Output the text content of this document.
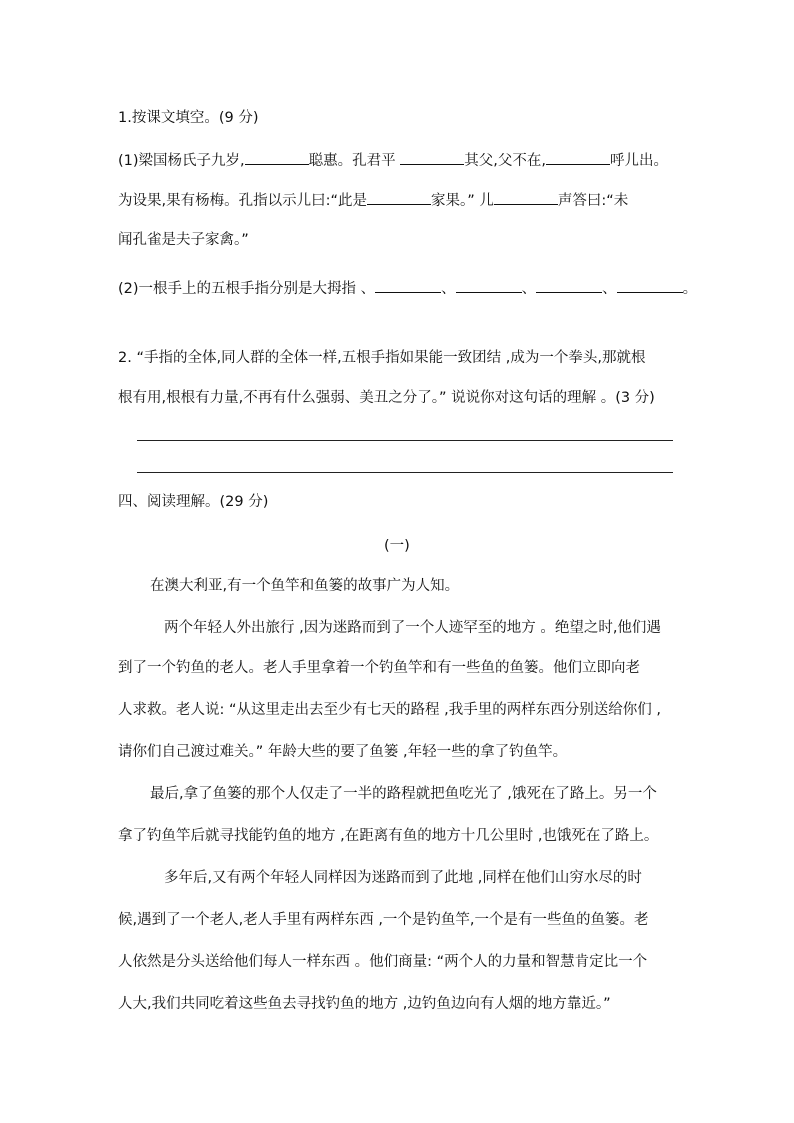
1.按课文填空。(9 分)
(1)梁国杨氏子九岁,	聪惠。孔君平	其父,父不在,	呼儿出。
为设果,果有杨梅。孔指以示儿曰:“此是	家果。” 儿	声答曰:“未
闻孔雀是夫子家禽。”
(2)一根手上的五根手指分别是大拇指 、	、	、	、	。
2. “手指的全体,同人群的全体一样,五根手指如果能一致团结 ,成为一个拳头,那就根
根有用,根根有力量,不再有什么强弱、美丑之分了。” 说说你对这句话的理解 。(3 分)
四、阅读理解。(29 分)
(一)
在澳大利亚,有一个鱼竿和鱼篓的故事广为人知。
两个年轻人外出旅行 ,因为迷路而到了一个人迹罕至的地方 。绝望之时,他们遇
到了一个钓鱼的老人。老人手里拿着一个钓鱼竿和有一些鱼的鱼篓。他们立即向老
人求救。老人说: “从这里走出去至少有七天的路程 ,我手里的两样东西分别送给你们 ,
请你们自己渡过难关。” 年龄大些的要了鱼篓 ,年轻一些的拿了钓鱼竿。
最后,拿了鱼篓的那个人仅走了一半的路程就把鱼吃光了 ,饿死在了路上。另一个
拿了钓鱼竿后就寻找能钓鱼的地方 ,在距离有鱼的地方十几公里时 ,也饿死在了路上。
多年后,又有两个年轻人同样因为迷路而到了此地 ,同样在他们山穷水尽的时
候,遇到了一个老人,老人手里有两样东西 ,一个是钓鱼竿,一个是有一些鱼的鱼篓。老
人依然是分头送给他们每人一样东西 。他们商量: “两个人的力量和智慧肯定比一个
人大,我们共同吃着这些鱼去寻找钓鱼的地方 ,边钓鱼边向有人烟的地方靠近。”
